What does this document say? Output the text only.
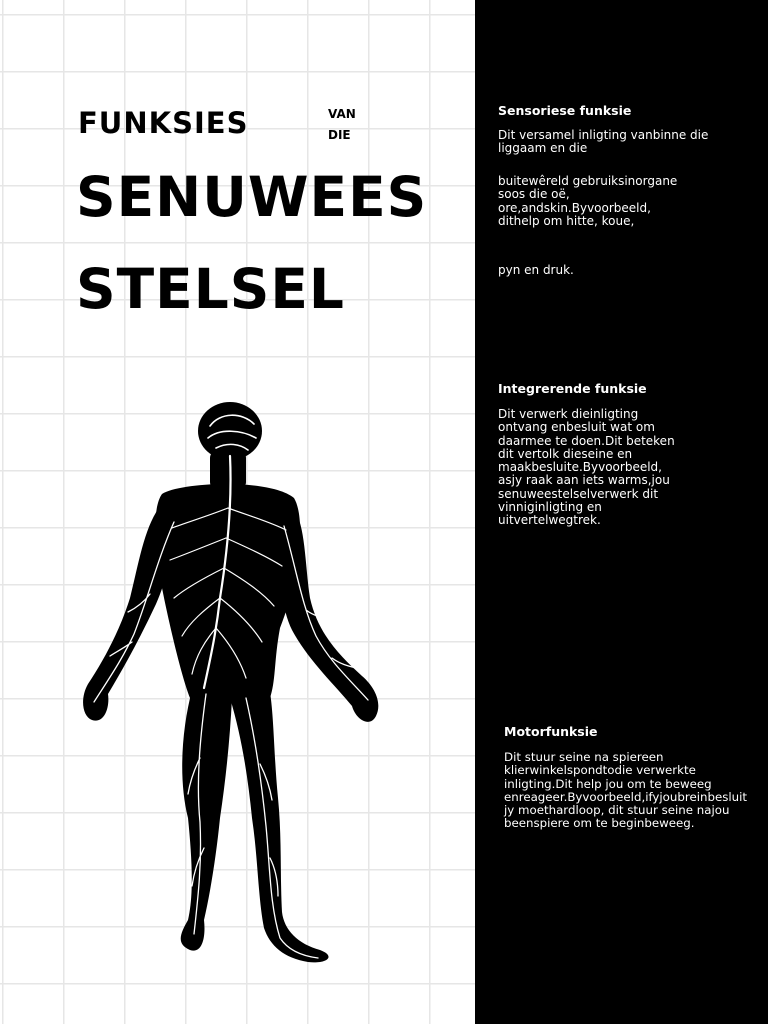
FUNKSIES	VAN
DIE
SENUWEES
STELSEL
Sensoriese funksie
Dit versamel inligting vanbinne die
liggaam en die
buitewêreld gebruiksinorgane
soos die oë,
ore,andskin.Byvoorbeeld,
dithelp om hitte, koue,
pyn en druk.
Integrerende funksie
Dit verwerk dieinligting
ontvang enbesluit wat om
daarmee te doen.Dit beteken
dit vertolk dieseine en
maakbesluite.Byvoorbeeld,
asjy raak aan iets warms,jou
senuweestelselverwerk dit
vinniginligting en
uitvertelwegtrek.
Motorfunksie
Dit stuur seine na spiereen
klierwinkelspondtodie verwerkte
inligting.Dit help jou om te beweeg
enreageer.Byvoorbeeld,ifyjoubreinbesluit
jy moethardloop, dit stuur seine najou
beenspiere om te beginbeweeg.
